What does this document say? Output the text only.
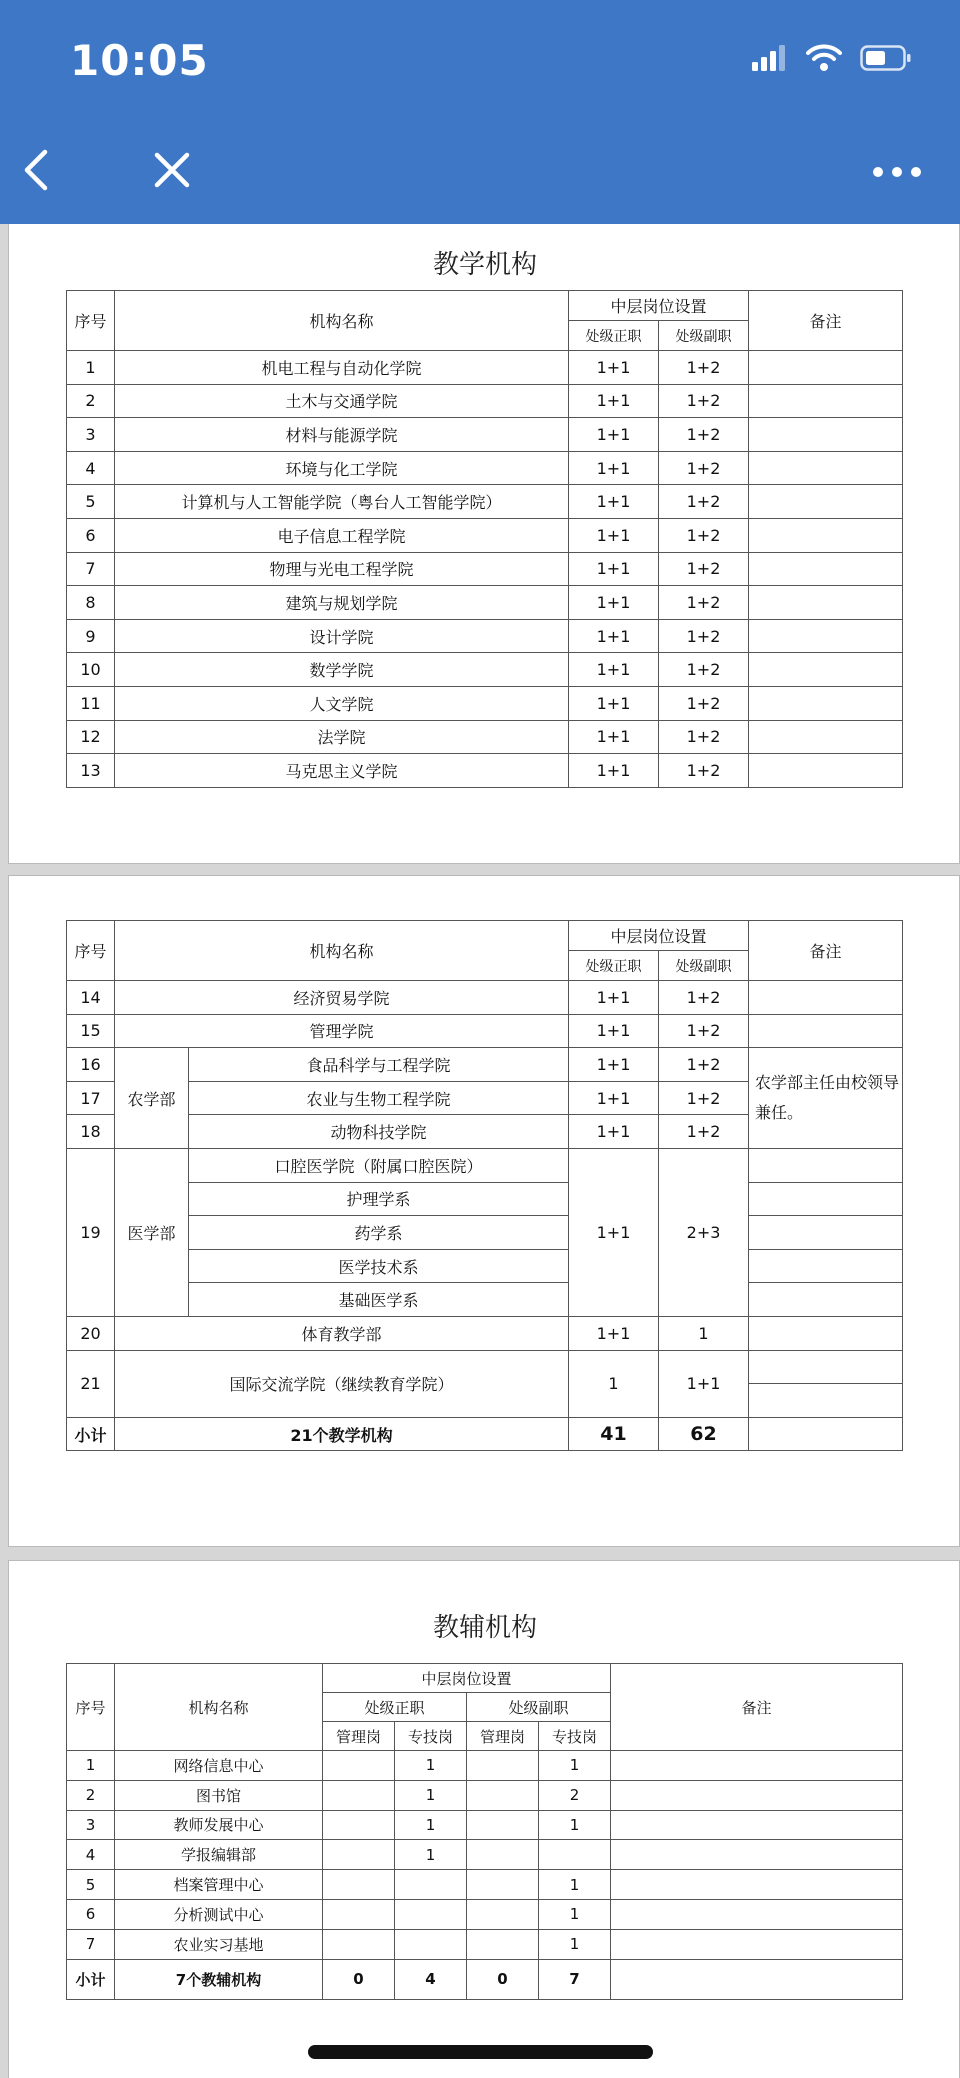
10:05
教学机构
序号	机构名称	中层岗位设置		备注
		处级正职	处级副职	
1	机电工程与自动化学院	1+1	1+2	
2	土木与交通学院	1+1	1+2	
3	材料与能源学院	1+1	1+2	
4	环境与化工学院	1+1	1+2	
5	计算机与人工智能学院（粤台人工智能学院）	1+1	1+2	
6	电子信息工程学院	1+1	1+2	
7	物理与光电工程学院	1+1	1+2	
8	建筑与规划学院	1+1	1+2	
9	设计学院	1+1	1+2	
10	数学学院	1+1	1+2	
11	人文学院	1+1	1+2	
12	法学院	1+1	1+2	
13	马克思主义学院	1+1	1+2	
序号	机构名称		中层岗位设置		备注
			处级正职	处级副职	
14	经济贸易学院		1+1	1+2	
15	管理学院		1+1	1+2	
16	农学部	食品科学与工程学院	1+1	1+2	农学部主任由校领导兼任。
17		农业与生物工程学院	1+1	1+2	
18		动物科技学院	1+1	1+2	
19	医学部	口腔医学院（附属口腔医院）	1+1	2+3	
		护理学系			
		药学系			
		医学技术系			
		基础医学系			
20	体育教学部		1+1	1	
21	国际交流学院（继续教育学院）		1	1+1	

小计	21个教学机构		41	62	
教辅机构
序号	机构名称	中层岗位设置				备注
		处级正职		处级副职		
		管理岗	专技岗	管理岗	专技岗	
1	网络信息中心		1		1	
2	图书馆		1		2	
3	教师发展中心		1		1	
4	学报编辑部		1			
5	档案管理中心				1	
6	分析测试中心				1	
7	农业实习基地				1	
小计	7个教辅机构	0	4	0	7	
